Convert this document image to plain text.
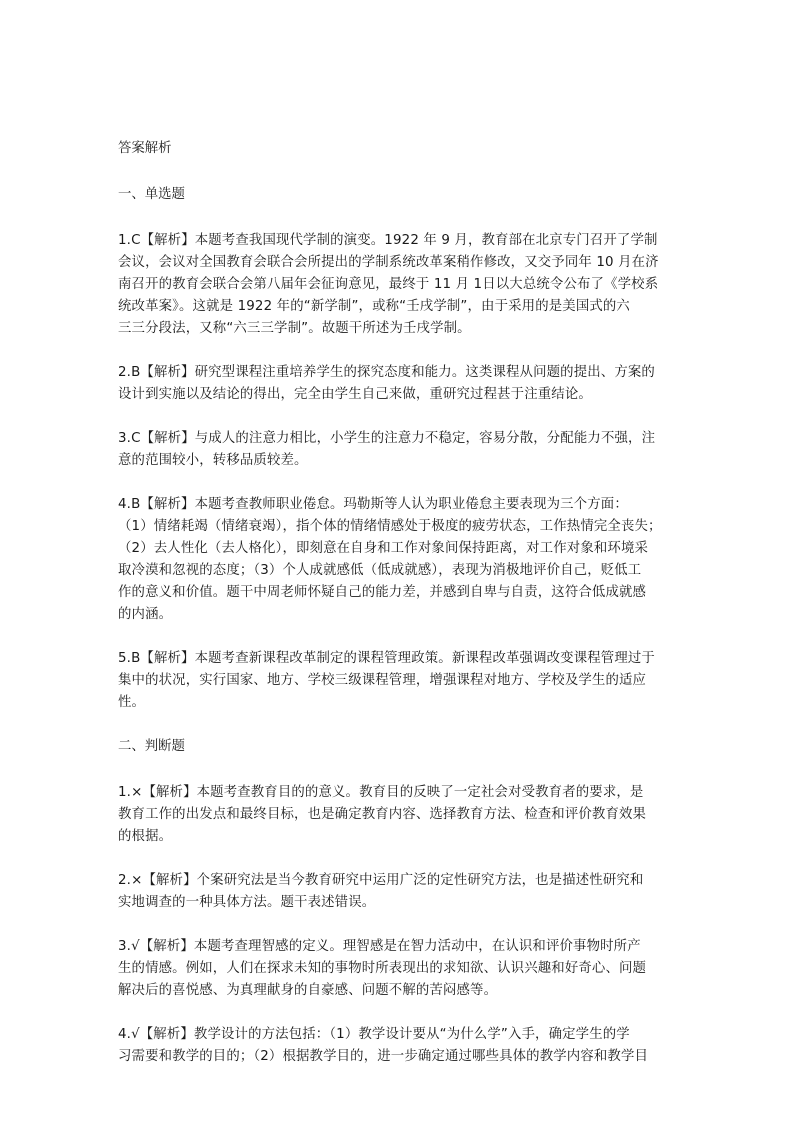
答案解析
一、单选题
1.C【解析】本题考查我国现代学制的演变。1922 年 9 月，教育部在北京专门召开了学制
会议，会议对全国教育会联合会所提出的学制系统改革案稍作修改，又交予同年 10 月在济
南召开的教育会联合会第八届年会征询意见，最终于 11 月 1日以大总统令公布了《学校系
统改革案》。这就是 1922 年的“新学制”，或称“壬戌学制”，由于采用的是美国式的六
三三分段法，又称“六三三学制”。故题干所述为壬戌学制。
2.B【解析】研究型课程注重培养学生的探究态度和能力。这类课程从问题的提出、方案的
设计到实施以及结论的得出，完全由学生自己来做，重研究过程甚于注重结论。
3.C【解析】与成人的注意力相比，小学生的注意力不稳定，容易分散，分配能力不强，注
意的范围较小，转移品质较差。
4.B【解析】本题考查教师职业倦怠。玛勒斯等人认为职业倦怠主要表现为三个方面：
（1）情绪耗竭（情绪衰竭），指个体的情绪情感处于极度的疲劳状态，工作热情完全丧失；
（2）去人性化（去人格化），即刻意在自身和工作对象间保持距离，对工作对象和环境采
取冷漠和忽视的态度；（3）个人成就感低（低成就感），表现为消极地评价自己，贬低工
作的意义和价值。题干中周老师怀疑自己的能力差，并感到自卑与自责，这符合低成就感
的内涵。
5.B【解析】本题考查新课程改革制定的课程管理政策。新课程改革强调改变课程管理过于
集中的状况，实行国家、地方、学校三级课程管理，增强课程对地方、学校及学生的适应
性。
二、判断题
1.×【解析】本题考查教育目的的意义。教育目的反映了一定社会对受教育者的要求，是
教育工作的出发点和最终目标，也是确定教育内容、选择教育方法、检查和评价教育效果
的根据。
2.×【解析】个案研究法是当今教育研究中运用广泛的定性研究方法，也是描述性研究和
实地调查的一种具体方法。题干表述错误。
3.√【解析】本题考查理智感的定义。理智感是在智力活动中，在认识和评价事物时所产
生的情感。例如，人们在探求未知的事物时所表现出的求知欲、认识兴趣和好奇心、问题
解决后的喜悦感、为真理献身的自豪感、问题不解的苦闷感等。
4.√【解析】教学设计的方法包括：（1）教学设计要从“为什么学”入手，确定学生的学
习需要和教学的目的；（2）根据教学目的，进一步确定通过哪些具体的教学内容和教学目
